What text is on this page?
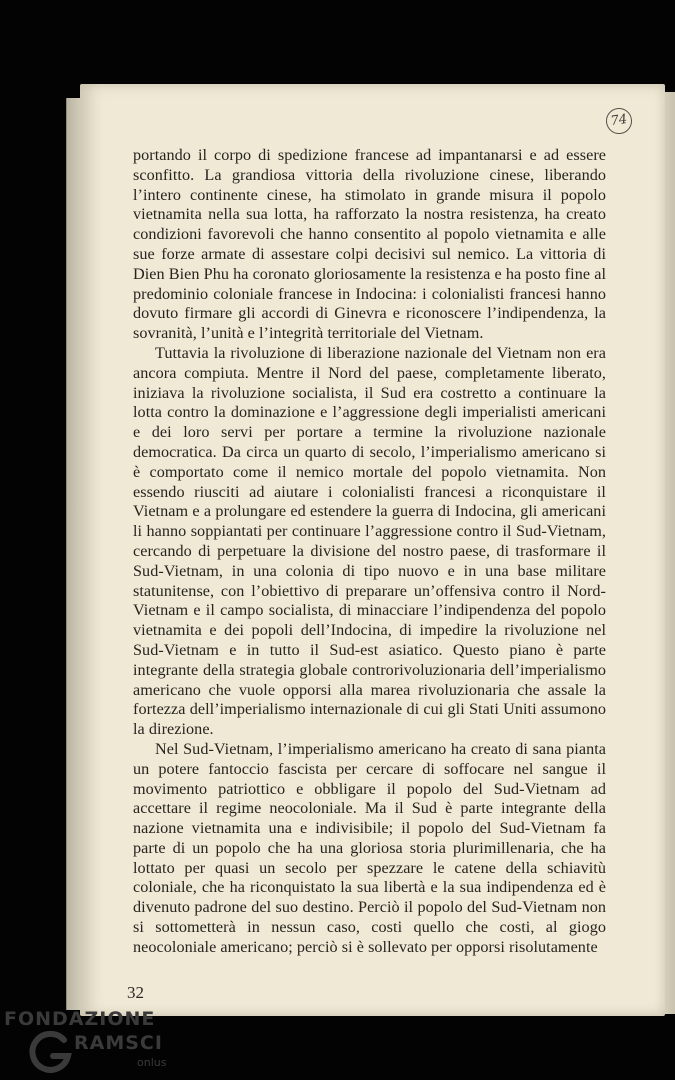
74

portando il corpo di spedizione francese ad impantanarsi e ad essere sconfitto. La grandiosa vittoria della rivoluzione cinese, liberando l’intero continente cinese, ha stimolato in grande misura il popolo vietnamita nella sua lotta, ha rafforzato la nostra resistenza, ha creato condizioni favorevoli che hanno consentito al popolo vietnamita e alle sue forze armate di assestare colpi decisivi sul nemico. La vittoria di Dien Bien Phu ha coronato gloriosamente la resistenza e ha posto fine al predominio coloniale francese in Indocina: i colonialisti francesi hanno dovuto firmare gli accordi di Ginevra e riconoscere l’indipendenza, la sovranità, l’unità e l’integrità territoriale del Vietnam.

Tuttavia la rivoluzione di liberazione nazionale del Vietnam non era ancora compiuta. Mentre il Nord del paese, completamente liberato, iniziava la rivoluzione socialista, il Sud era costretto a continuare la lotta contro la dominazione e l’aggressione degli imperialisti americani e dei loro servi per portare a termine la rivoluzione nazionale democratica. Da circa un quarto di secolo, l’imperialismo americano si è comportato come il nemico mortale del popolo vietnamita. Non essendo riusciti ad aiutare i colonialisti francesi a riconquistare il Vietnam e a prolungare ed estendere la guerra di Indocina, gli americani li hanno soppiantati per continuare l’aggressione contro il Sud-Vietnam, cercando di perpetuare la divisione del nostro paese, di trasformare il Sud-Vietnam, in una colonia di tipo nuovo e in una base militare statunitense, con l’obiettivo di preparare un’offensiva contro il Nord-Vietnam e il campo socialista, di minacciare l’indipendenza del popolo vietnamita e dei popoli dell’Indocina, di impedire la rivoluzione nel Sud-Vietnam e in tutto il Sud-est asiatico. Questo piano è parte integrante della strategia globale controrivoluzionaria dell’imperialismo americano che vuole opporsi alla marea rivoluzionaria che assale la fortezza dell’imperialismo internazionale di cui gli Stati Uniti assumono la direzione.

Nel Sud-Vietnam, l’imperialismo americano ha creato di sana pianta un potere fantoccio fascista per cercare di soffocare nel sangue il movimento patriottico e obbligare il popolo del Sud-Vietnam ad accettare il regime neocoloniale. Ma il Sud è parte integrante della nazione vietnamita una e indivisibile; il popolo del Sud-Vietnam fa parte di un popolo che ha una gloriosa storia plurimillenaria, che ha lottato per quasi un secolo per spezzare le catene della schiavitù coloniale, che ha riconquistato la sua libertà e la sua indipendenza ed è divenuto padrone del suo destino. Perciò il popolo del Sud-Vietnam non si sottometterà in nessun caso, costi quello che costi, al giogo neocoloniale americano; perciò si è sollevato per opporsi risolutamente

32
FONDAZIONE
RAMSCI
onlus
